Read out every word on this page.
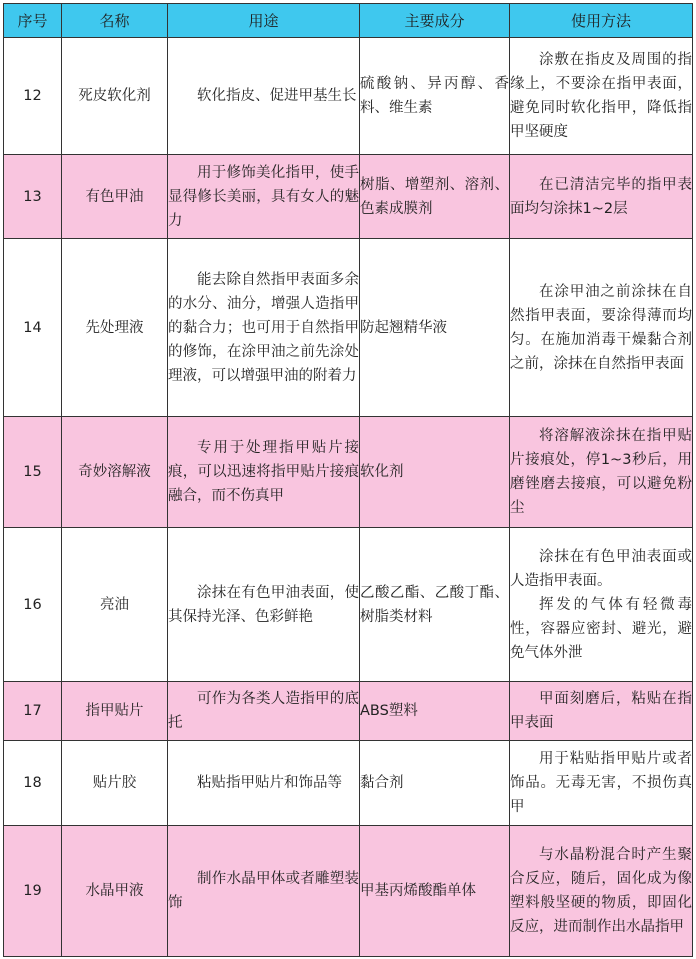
序号	名称	用途	主要成分	使用方法
12	死皮软化剂	软化指皮、促进甲基生长	硫酸钠、异丙醇、香料、维生素	涂敷在指皮及周围的指缘上，不要涂在指甲表面，避免同时软化指甲，降低指甲坚硬度
13	有色甲油	用于修饰美化指甲，使手显得修长美丽，具有女人的魅力	树脂、增塑剂、溶剂、色素成膜剂	在已清洁完毕的指甲表面均匀涂抹1~2层
14	先处理液	能去除自然指甲表面多余的水分、油分，增强人造指甲的黏合力；也可用于自然指甲的修饰，在涂甲油之前先涂处理液，可以增强甲油的附着力	防起翘精华液	在涂甲油之前涂抹在自然指甲表面，要涂得薄而均匀。在施加消毒干燥黏合剂之前，涂抹在自然指甲表面
15	奇妙溶解液	专用于处理指甲贴片接痕，可以迅速将指甲贴片接痕融合，而不伤真甲	软化剂	将溶解液涂抹在指甲贴片接痕处，停1~3秒后，用磨锉磨去接痕，可以避免粉尘
16	亮油	涂抹在有色甲油表面，使其保持光泽、色彩鲜艳	乙酸乙酯、乙酸丁酯、树脂类材料	涂抹在有色甲油表面或人造指甲表面。
挥发的气体有轻微毒性，容器应密封、避光，避免气体外泄

17	指甲贴片	可作为各类人造指甲的底托	ABS塑料	甲面刻磨后，粘贴在指甲表面
18	贴片胶	粘贴指甲贴片和饰品等	黏合剂	用于粘贴指甲贴片或者饰品。无毒无害，不损伤真甲
19	水晶甲液	制作水晶甲体或者雕塑装饰	甲基丙烯酸酯单体	与水晶粉混合时产生聚合反应，随后，固化成为像塑料般坚硬的物质，即固化反应，进而制作出水晶指甲
